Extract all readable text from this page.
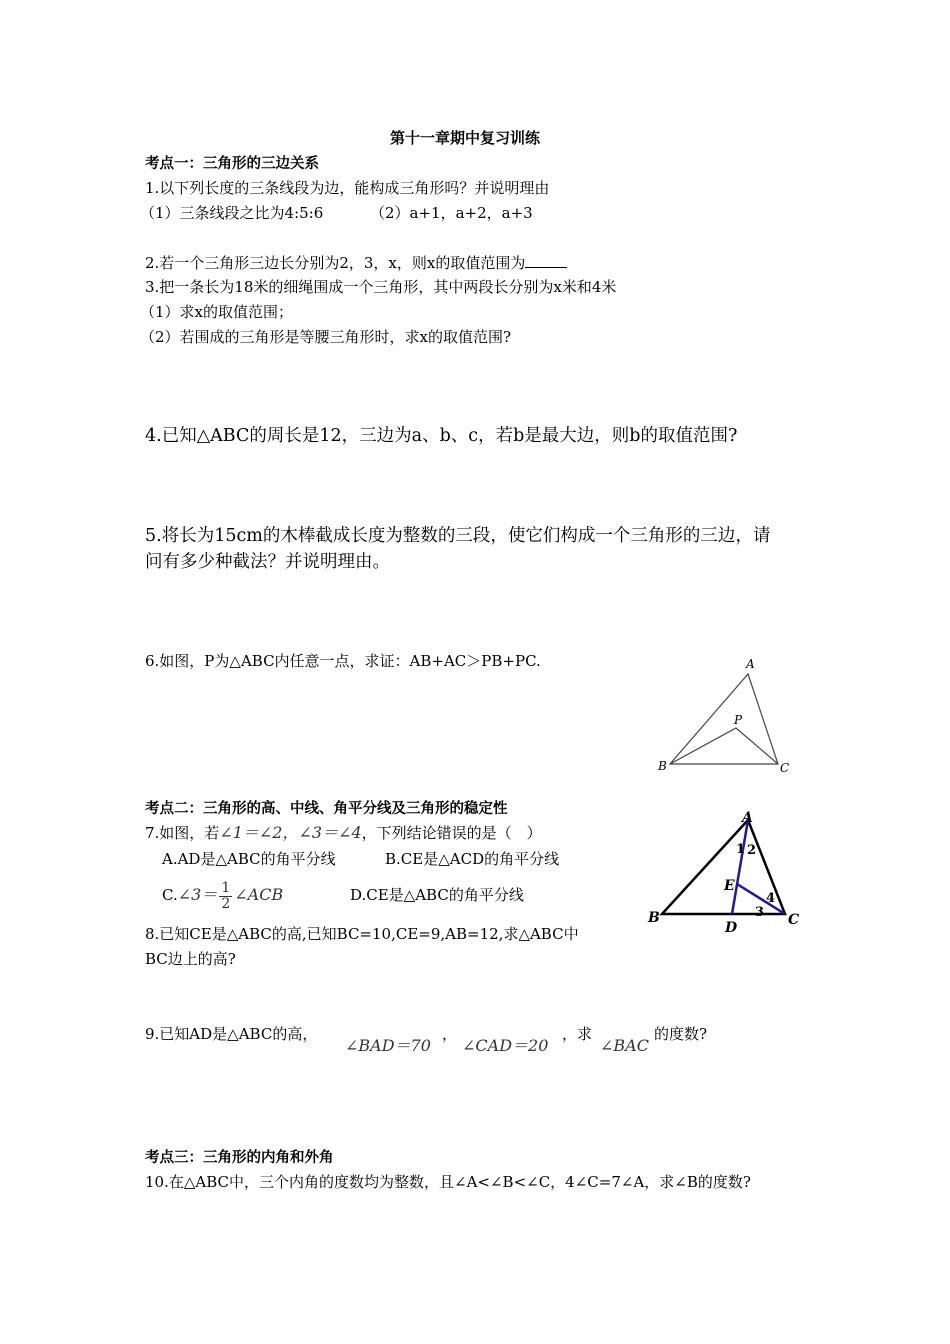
第十一章期中复习训练
考点一：三角形的三边关系
1.以下列长度的三条线段为边，能构成三角形吗？并说明理由
（1）三条线段之比为4:5:6	（2）a+1，a+2，a+3
2.若一个三角形三边长分别为2，3，x，则x的取值范围为
3.把一条长为18米的细绳围成一个三角形，其中两段长分别为x米和4米
（1）求x的取值范围；
（2）若围成的三角形是等腰三角形时，求x的取值范围?
4.已知△ABC的周长是12，三边为a、b、c，若b是最大边，则b的取值范围?
5.将长为15cm的木棒截成长度为整数的三段，使它们构成一个三角形的三边，请
问有多少种截法？并说明理由。
6.如图，P为△ABC内任意一点，求证：AB+AC＞PB+PC.	A
B	C
P
考点二：三角形的高、中线、角平分线及三角形的稳定性
7.如图，若∠1＝∠2，∠3＝∠4，下列结论错误的是（　）
A.AD是△ABC的角平分线	B.CE是△ACD的角平分线
C.∠3＝ $\frac{1}{2}$ ∠ACB	D.CE是△ABC的角平分线
A
B	C
D
E
1 2
3
4
8.已知CE是△ABC的高,已知BC=10,CE=9,AB=12,求△ABC中
BC边上的高?
9.已知AD是△ABC的高，
∠BAD＝70
，
∠CAD＝20
，求
∠BAC
的度数?
考点三：三角形的内角和外角
10.在△ABC中，三个内角的度数均为整数，且∠A<∠B<∠C，4∠C=7∠A，求∠B的度数?
